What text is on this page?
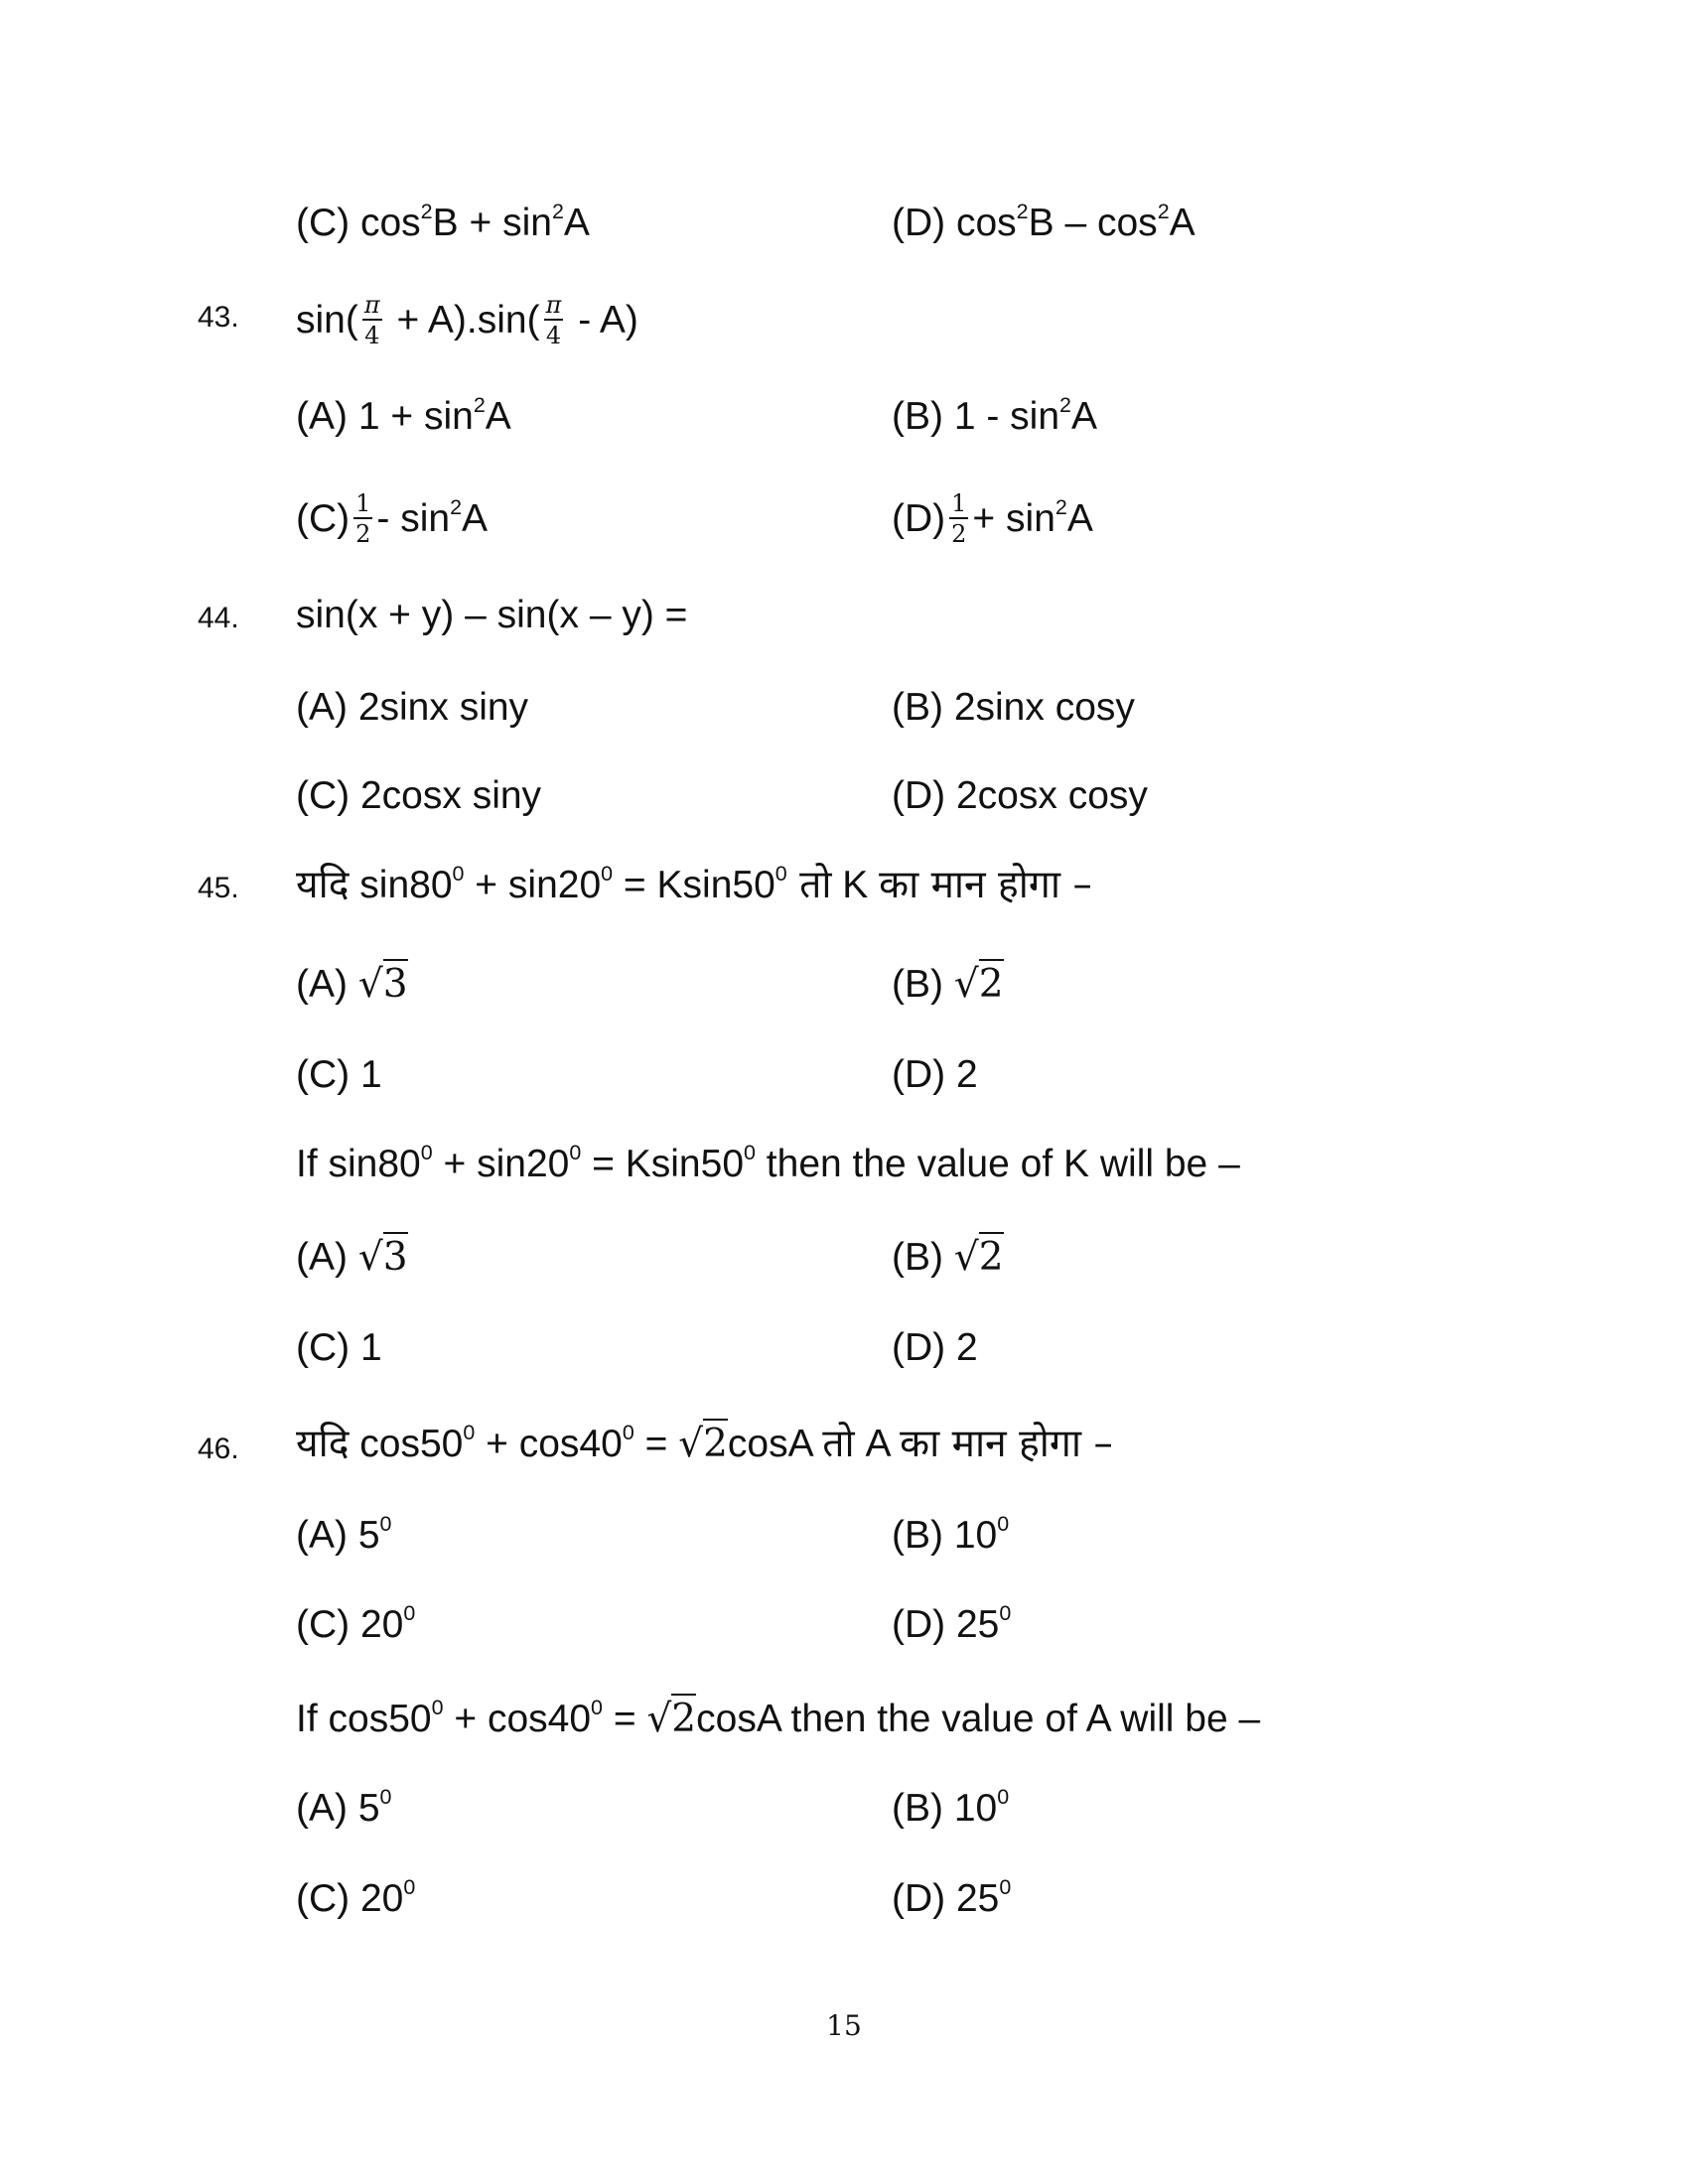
(C) $\cos^2B + \sin^2A$	(D) $\cos^2B - \cos^2A$
43. $\sin( \frac{\pi}{4} + A).\sin( \frac{\pi}{4} - A)$
(A) $1 + \sin^2A$	(B) $1 - \sin^2A$
$(C) \frac{1}{2} - \sin^2A$	$(D) \frac{1}{2} + \sin^2A$
44. sin(x + y) – sin(x – y) =
(A) 2sinx siny	(B) 2sinx cosy
(C) 2cosx siny	(D) 2cosx cosy
45. यदि $\sin 80^0 + \sin 20^0 = Ksin50^0$ तो K का मान होगा –
(A) √3	(B) √2
(C) 1	(D) 2
If $\sin 80^0 + \sin 20^0 = Ksin50^0$ then the value of K will be –
(A) √3	(B) √2
(C) 1	(D) 2
46. यदि $\cos 50^0 + \cos 40^0 = √2\cos A$ तो A का मान होगा –
(A) $5^0$	(B) $10^0$
(C) $20^0$	(D) $25^0$
If $\cos 50^0 + \cos 40^0 = √2\cos A$ then the value of A will be –
(A) $5^0$	(B) $10^0$
(C) $20^0$	(D) $25^0$
15
